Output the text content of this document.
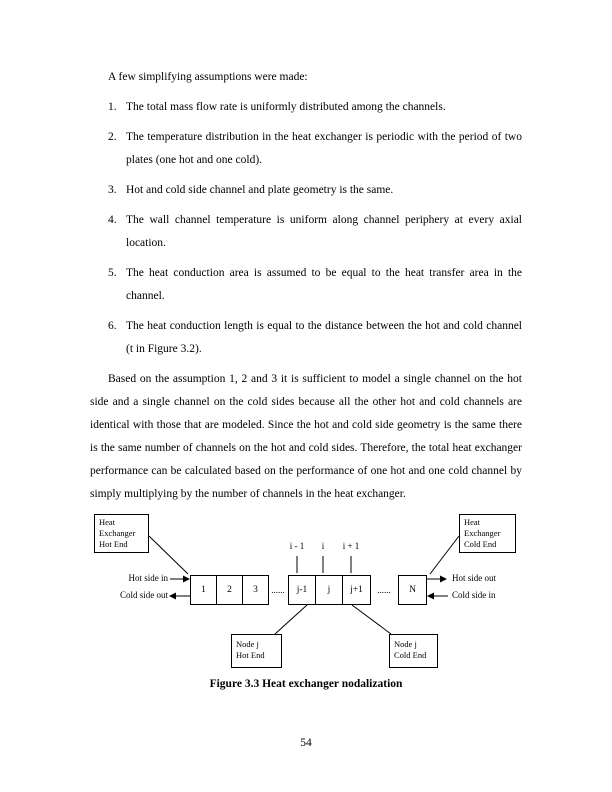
A few simplifying assumptions were made:

1. The total mass flow rate is uniformly distributed among the channels.
2. The temperature distribution in the heat exchanger is periodic with the period of two plates (one hot and one cold).
3. Hot and cold side channel and plate geometry is the same.
4. The wall channel temperature is uniform along channel periphery at every axial location.
5. The heat conduction area is assumed to be equal to the heat transfer area in the channel.
6. The heat conduction length is equal to the distance between the hot and cold channel (t in Figure 3.2).

Based on the assumption 1, 2 and 3 it is sufficient to model a single channel on the hot side and a single channel on the cold sides because all the other hot and cold channels are identical with those that are modeled. Since the hot and cold side geometry is the same there is the same number of channels on the hot and cold sides. Therefore, the total heat exchanger performance can be calculated based on the performance of one hot and one cold channel by simply multiplying by the number of channels in the heat exchanger.

Heat
Exchanger
Hot End
Heat
Exchanger
Cold End
i - 1	i	i + 1
1	2	3	......	j-1	j	j+1	......	N
Hot side in
Cold side out
Hot side out
Cold side in
Node j
Hot End
Node j
Cold End

Figure 3.3 Heat exchanger nodalization

54
